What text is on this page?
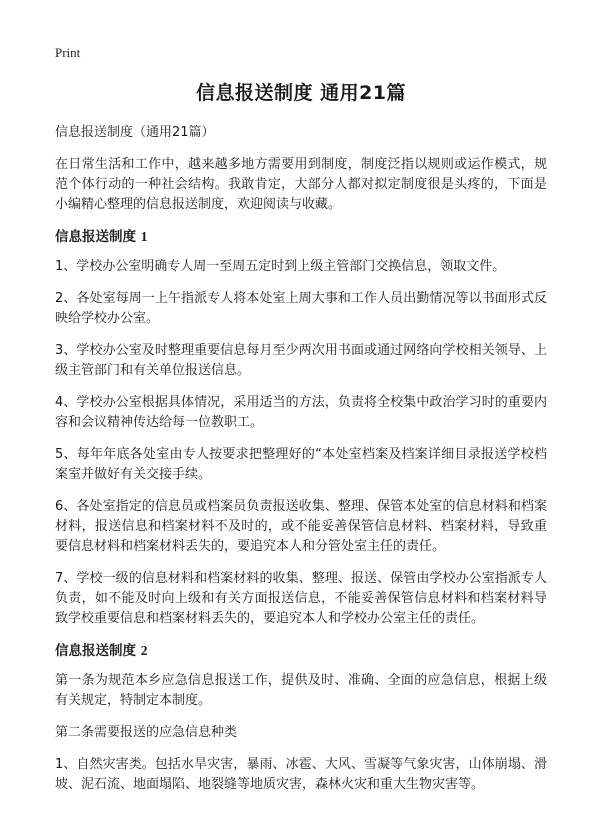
Print
信息报送制度 通用21篇
信息报送制度（通用21篇）
在日常生活和工作中，越来越多地方需要用到制度，制度泛指以规则或运作模式，规范个体行动的一种社会结构。我敢肯定，大部分人都对拟定制度很是头疼的，下面是小编精心整理的信息报送制度，欢迎阅读与收藏。
信息报送制度 1
1、学校办公室明确专人周一至周五定时到上级主管部门交换信息，领取文件。
2、各处室每周一上午指派专人将本处室上周大事和工作人员出勤情况等以书面形式反映给学校办公室。
3、学校办公室及时整理重要信息每月至少两次用书面或通过网络向学校相关领导、上级主管部门和有关单位报送信息。
4、学校办公室根据具体情况，采用适当的方法，负责将全校集中政治学习时的重要内容和会议精神传达给每一位教职工。
5、每年年底各处室由专人按要求把整理好的“本处室档案及档案详细目录报送学校档案室并做好有关交接手续。
6、各处室指定的信息员或档案员负责报送收集、整理、保管本处室的信息材料和档案材料，报送信息和档案材料不及时的，或不能妥善保管信息材料、档案材料，导致重要信息材料和档案材料丢失的，要追究本人和分管处室主任的责任。
7、学校一级的信息材料和档案材料的收集、整理、报送、保管由学校办公室指派专人负责，如不能及时向上级和有关方面报送信息，不能妥善保管信息材料和档案材料导致学校重要信息和档案材料丢失的，要追究本人和学校办公室主任的责任。
信息报送制度 2
第一条为规范本乡应急信息报送工作，提供及时、准确、全面的应急信息，根据上级有关规定，特制定本制度。
第二条需要报送的应急信息种类
1、自然灾害类。包括水旱灾害，暴雨、冰雹、大风、雪凝等气象灾害，山体崩塌、滑坡、泥石流、地面塌陷、地裂缝等地质灾害，森林火灾和重大生物灾害等。
